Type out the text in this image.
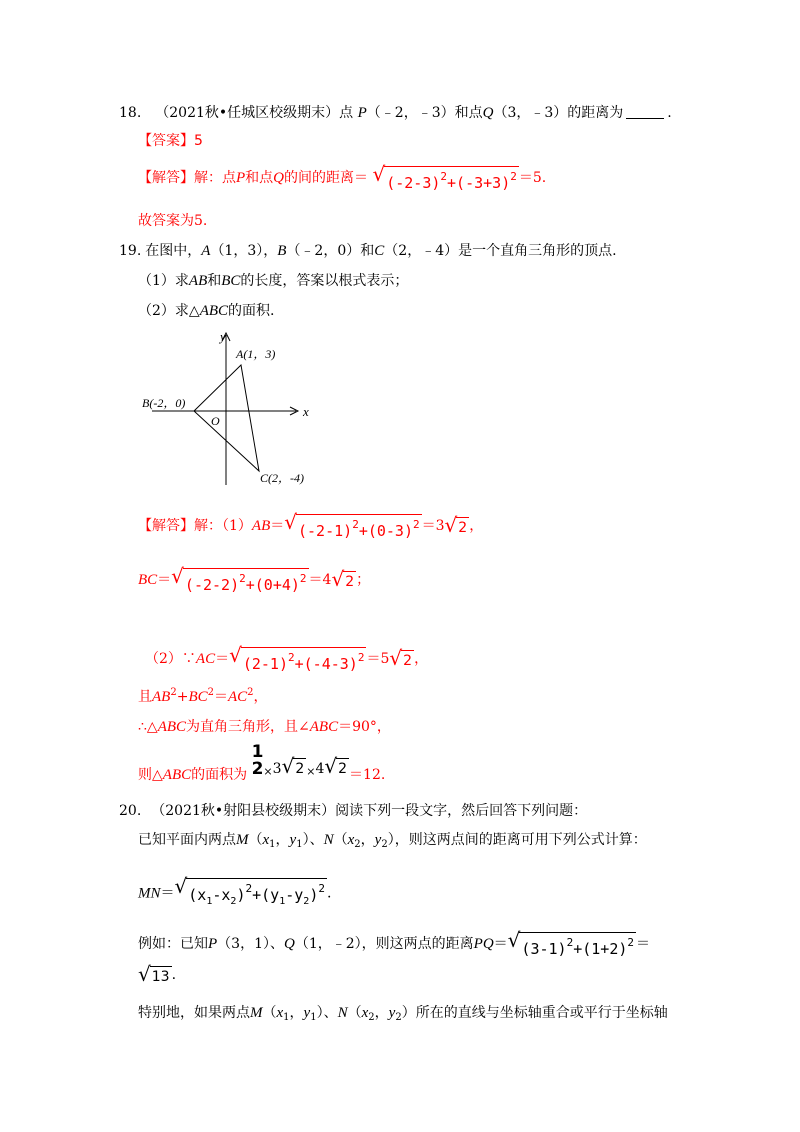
18. （2021秋•任城区校级期末）点 P（﹣2，﹣3）和点Q（3，﹣3）的距离为	.
【答案】5
【解答】解：点P和点Q的间的距离＝ √ $(-2-3)^2+(-3+3)^2 =5$.
故答案为5.
19. 在图中，A（1，3），B（﹣2，0）和C（2，﹣4）是一个直角三角形的顶点.
（1）求AB和BC的长度，答案以根式表示；
（2）求△ABC的面积.
y
x
A(1，3)
B(-2，0)
C(2，-4)
O
【解答】解：（1）AB＝ √ $(-2-1)^2+(0-3)^2 =3$ √ 2 ，
BC＝ √ $(-2-2)^2+(0+4)^2 =4$ √ 2 ；
（2）∵AC＝ √ $(2-1)^2+(-4-3)^2 =5$ √ 2 ，
且$AB^2+BC^2=AC^2$，
∴△ABC为直角三角形，且∠ABC＝90°，
则△ABC的面积为
1
2 $_\times$3 √ 2 $_\times$4 √ 2 ＝12.
20. （2021秋•射阳县校级期末）阅读下列一段文字，然后回答下列问题：
已知平面内两点$M(x_1$，$y_1$）、$N(x_2$，$y_2$），则这两点间的距离可用下列公式计算：
MN＝ √ $(x_1-x_2)^2+(y_1-y_2)^2$ .
例如：已知P（3，1）、Q（1，﹣2），则这两点的距离PQ＝ √ $(3-1)^2+(1+2)^2$ ＝
√ 13 .
特别地，如果两点$M(x_1$，$y_1$）、$N(x_2$，$y_2$）所在的直线与坐标轴重合或平行于坐标轴
